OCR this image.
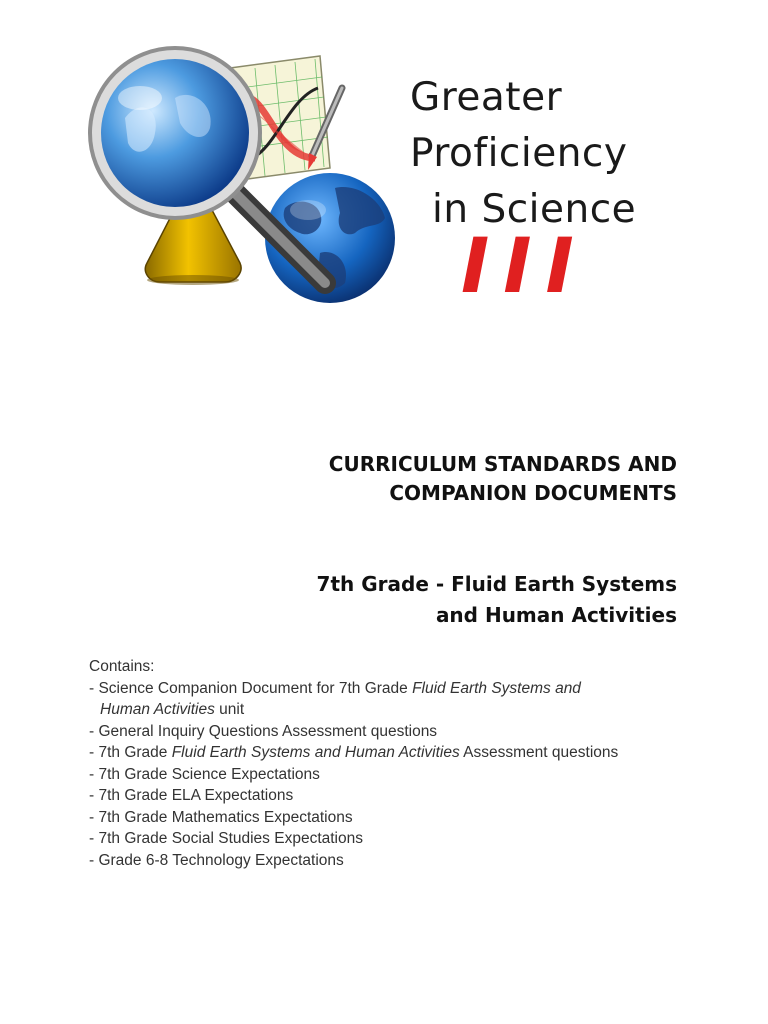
Greater
Proficiency
in Science
III
CURRICULUM STANDARDS AND
COMPANION DOCUMENTS
7th Grade - Fluid Earth Systems
and Human Activities
Contains:
- Science Companion Document for 7th Grade Fluid Earth Systems and
Human Activities unit
- General Inquiry Questions Assessment questions
- 7th Grade Fluid Earth Systems and Human Activities Assessment questions
- 7th Grade Science Expectations
- 7th Grade ELA Expectations
- 7th Grade Mathematics Expectations
- 7th Grade Social Studies Expectations
- Grade 6-8 Technology Expectations
